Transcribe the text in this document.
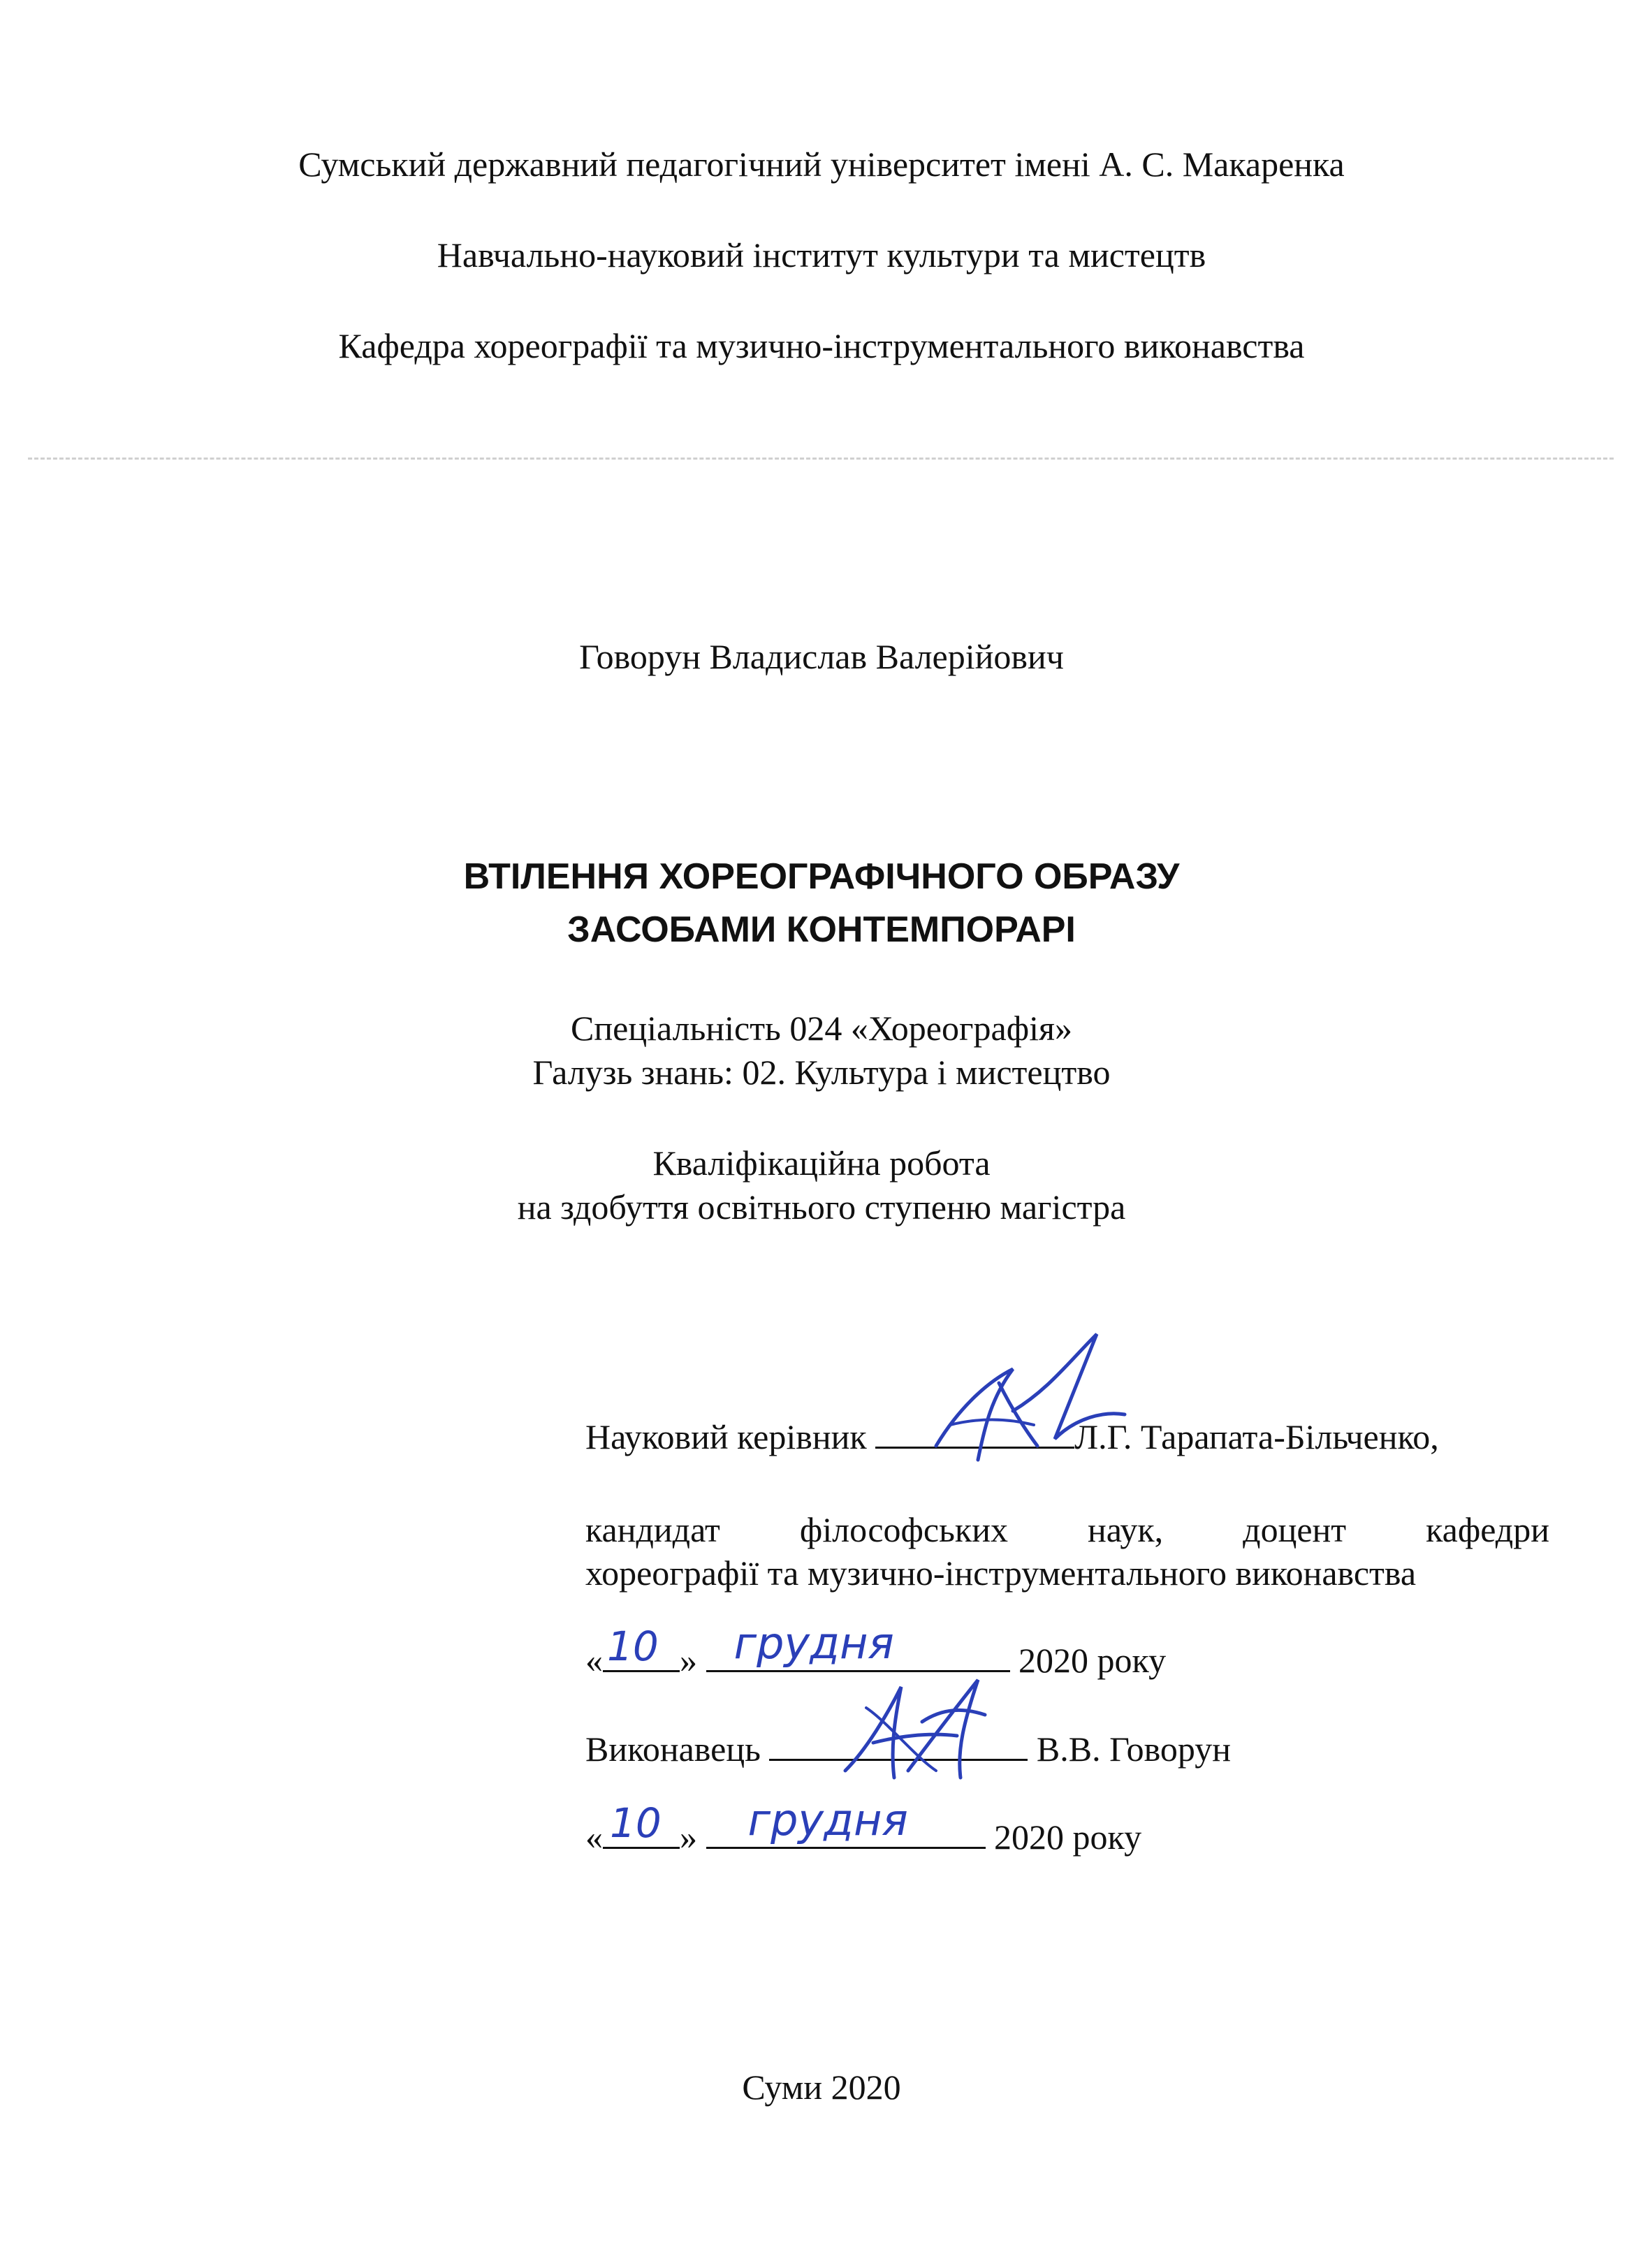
Сумський державний педагогічний університет імені А. С. Макаренка
Навчально-науковий інститут культури та мистецтв
Кафедра хореографії та музично-інструментального виконавства
Говорун Владислав Валерійович
ВТІЛЕННЯ ХОРЕОГРАФІЧНОГО ОБРАЗУ
ЗАСОБАМИ КОНТЕМПОРАРІ
Спеціальність 024 «Хореографія»
Галузь знань: 02. Культура і мистецтво
Кваліфікаційна робота
на здобуття освітнього ступеню магістра
Науковий керівник	Л.Г. Тарапата-Більченко,
кандидат філософських наук, доцент кафедри
хореографії та музично-інструментального виконавства
« 10 » грудня	2020 року
Виконавець	В.В. Говорун
« 10 » грудня 2020 року
Суми 2020
